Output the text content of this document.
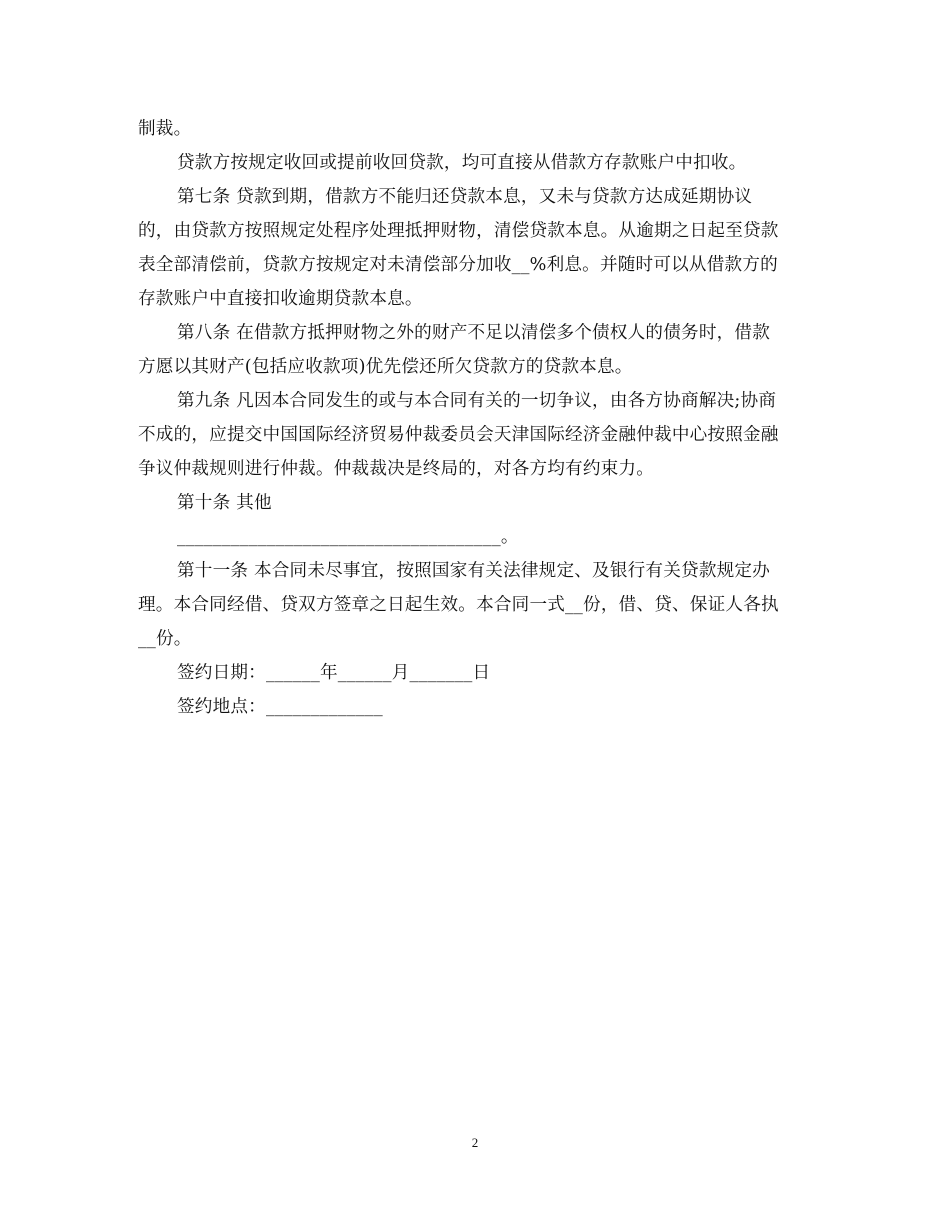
制裁。
贷款方按规定收回或提前收回贷款，均可直接从借款方存款账户中扣收。
第七条 贷款到期，借款方不能归还贷款本息，又未与贷款方达成延期协议
的，由贷款方按照规定处程序处理抵押财物，清偿贷款本息。从逾期之日起至贷款
表全部清偿前，贷款方按规定对未清偿部分加收__%利息。并随时可以从借款方的
存款账户中直接扣收逾期贷款本息。
第八条 在借款方抵押财物之外的财产不足以清偿多个债权人的债务时，借款
方愿以其财产(包括应收款项)优先偿还所欠贷款方的贷款本息。
第九条 凡因本合同发生的或与本合同有关的一切争议，由各方协商解决;协商
不成的，应提交中国国际经济贸易仲裁委员会天津国际经济金融仲裁中心按照金融
争议仲裁规则进行仲裁。仲裁裁决是终局的，对各方均有约束力。
第十条 其他
____________________________________。
第十一条 本合同未尽事宜，按照国家有关法律规定、及银行有关贷款规定办
理。本合同经借、贷双方签章之日起生效。本合同一式__份，借、贷、保证人各执
__份。
签约日期：______年______月_______日
签约地点：_____________
2
